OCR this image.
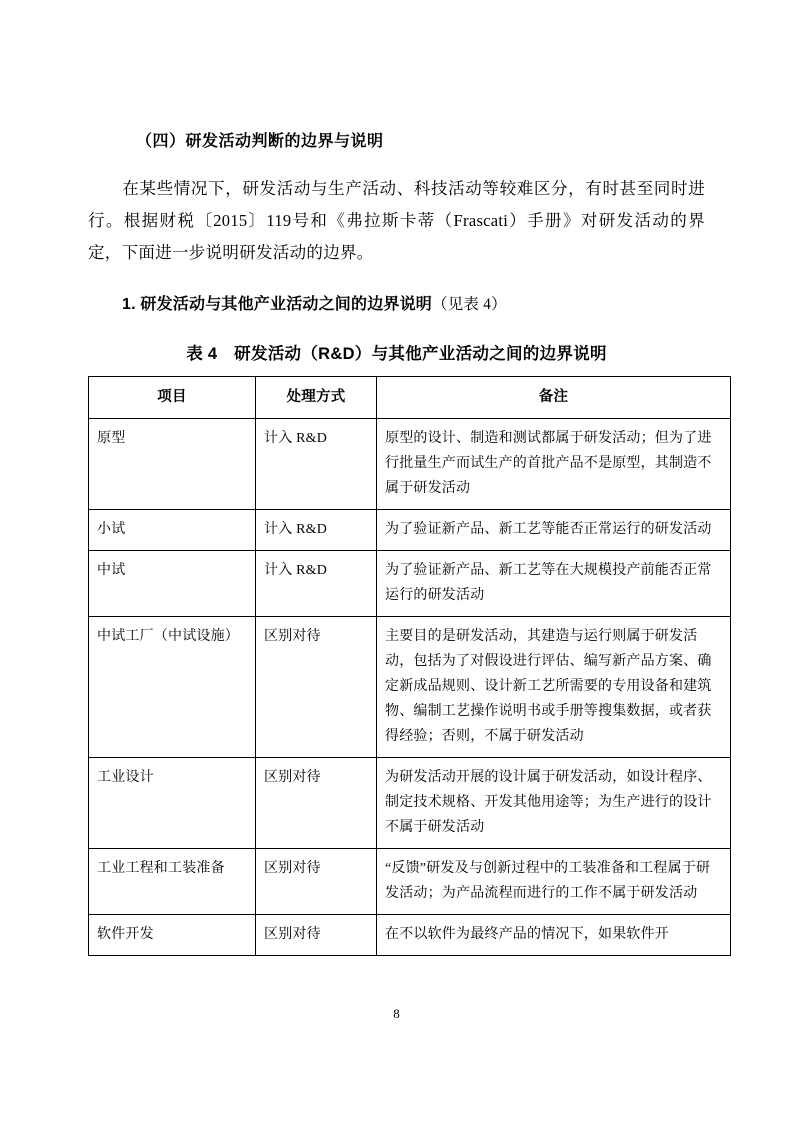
（四）研发活动判断的边界与说明
在某些情况下，研发活动与生产活动、科技活动等较难区分，有时甚至同时进行。根据财税〔2015〕119号和《弗拉斯卡蒂（Frascati）手册》对研发活动的界定，下面进一步说明研发活动的边界。
1. 研发活动与其他产业活动之间的边界说明（见表 4）
表 4　研发活动（R&D）与其他产业活动之间的边界说明
项目	处理方式	备注
原型	计入 R&D	原型的设计、制造和测试都属于研发活动；但为了进行批量生产而试生产的首批产品不是原型，其制造不属于研发活动
小试	计入 R&D	为了验证新产品、新工艺等能否正常运行的研发活动
中试	计入 R&D	为了验证新产品、新工艺等在大规模投产前能否正常运行的研发活动
中试工厂（中试设施）	区别对待	主要目的是研发活动，其建造与运行则属于研发活动，包括为了对假设进行评估、编写新产品方案、确定新成品规则、设计新工艺所需要的专用设备和建筑物、编制工艺操作说明书或手册等搜集数据，或者获得经验；否则，不属于研发活动
工业设计	区别对待	为研发活动开展的设计属于研发活动，如设计程序、制定技术规格、开发其他用途等；为生产进行的设计不属于研发活动
工业工程和工装准备	区别对待	“反馈”研发及与创新过程中的工装准备和工程属于研发活动；为产品流程而进行的工作不属于研发活动
软件开发	区别对待	在不以软件为最终产品的情况下，如果软件开
8
